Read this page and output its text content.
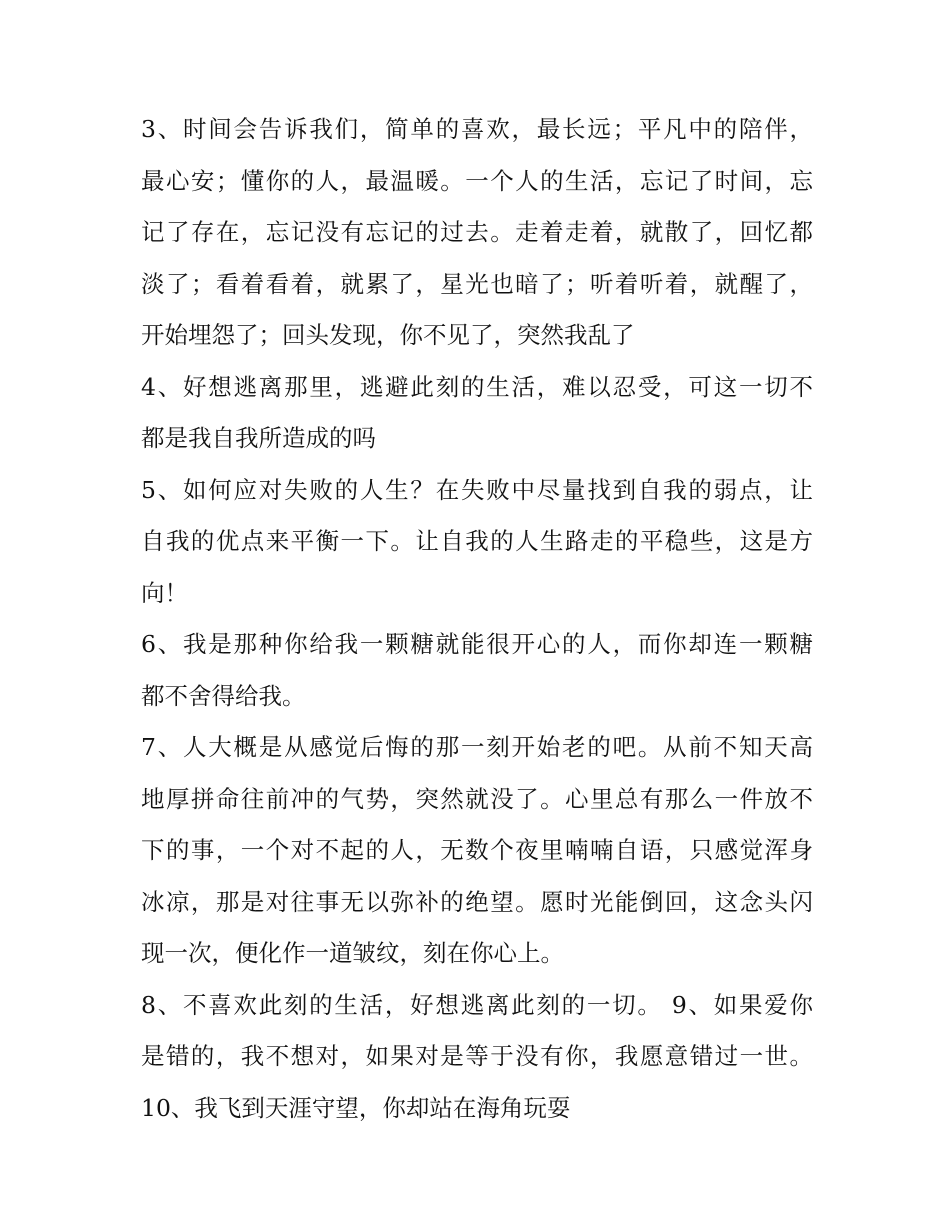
3、时间会告诉我们，简单的喜欢，最长远；平凡中的陪伴，
最心安；懂你的人，最温暖。一个人的生活，忘记了时间，忘
记了存在，忘记没有忘记的过去。走着走着，就散了，回忆都
淡了；看着看着，就累了，星光也暗了；听着听着，就醒了，
开始埋怨了；回头发现，你不见了，突然我乱了
4、好想逃离那里，逃避此刻的生活，难以忍受，可这一切不
都是我自我所造成的吗
5、如何应对失败的人生？在失败中尽量找到自我的弱点，让
自我的优点来平衡一下。让自我的人生路走的平稳些，这是方
向！
6、我是那种你给我一颗糖就能很开心的人，而你却连一颗糖
都不舍得给我。
7、人大概是从感觉后悔的那一刻开始老的吧。从前不知天高
地厚拼命往前冲的气势，突然就没了。心里总有那么一件放不
下的事，一个对不起的人，无数个夜里喃喃自语，只感觉浑身
冰凉，那是对往事无以弥补的绝望。愿时光能倒回，这念头闪
现一次，便化作一道皱纹，刻在你心上。
8、不喜欢此刻的生活，好想逃离此刻的一切。 9、如果爱你
是错的，我不想对，如果对是等于没有你，我愿意错过一世。
10、我飞到天涯守望，你却站在海角玩耍
